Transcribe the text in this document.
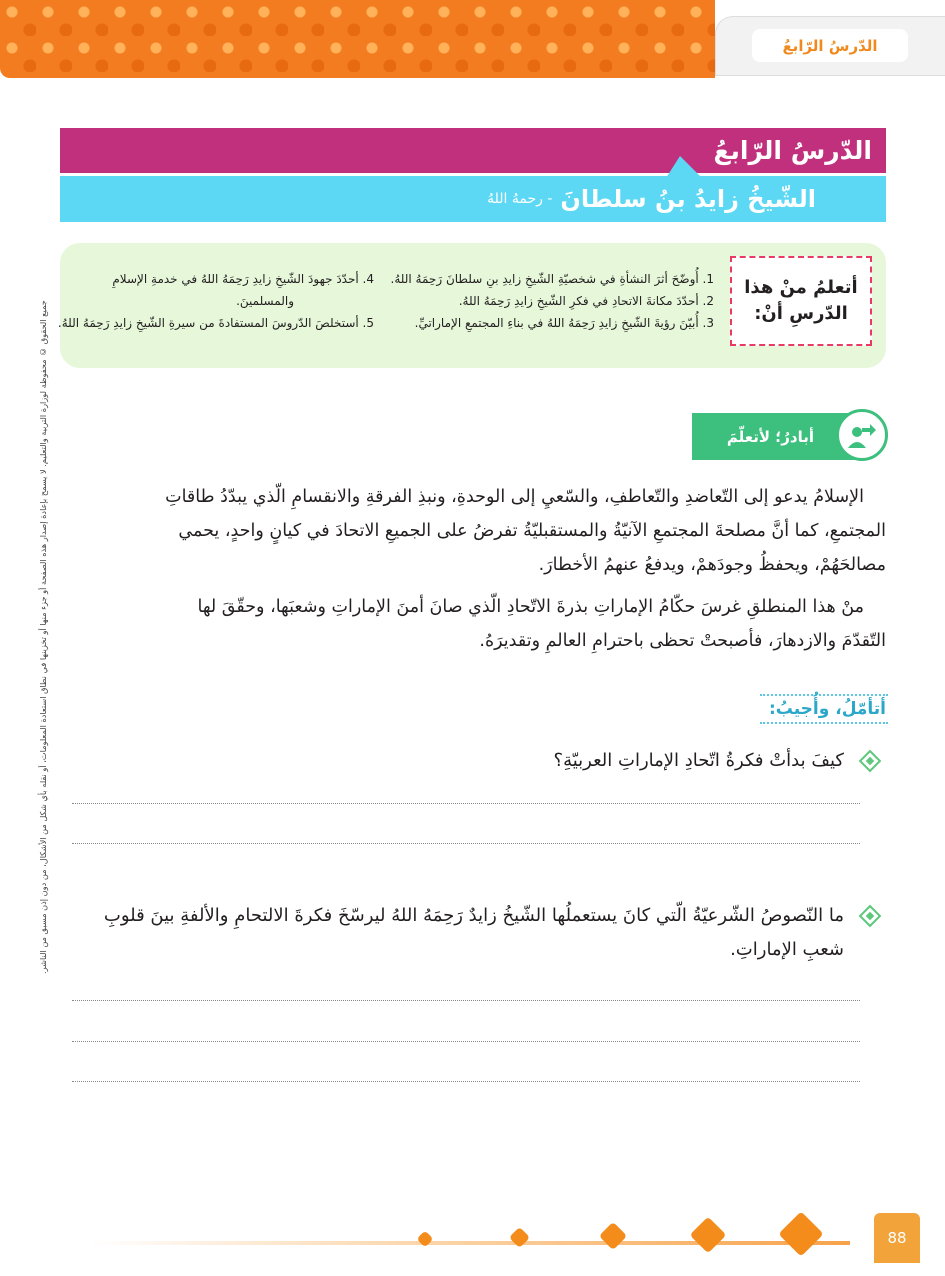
الدّرسُ الرّابعُ
الدّرسُ الرّابعُ
الشّيخُ زايدُ بنُ سلطانَ
- رحمهُ اللهُ
أتعلمُ منْ هذا الدّرسِ أنْ:
1. أُوضّحَ أثرَ النشأةِ في شخصيّةِ الشّيخِ زايدِ بنِ سلطانَ رَحِمَهُ اللهُ.
2. أحدّدَ مكانةَ الاتحادِ في فكرِ الشّيخِ زايدِ رَحِمَهُ اللهُ.
3. أُبيّنَ رؤيةَ الشّيخِ زايدِ رَحِمَهُ اللهُ في بناءِ المجتمعِ الإماراتيِّ.
4. أحدّدَ جهودَ الشّيخِ زايدِ رَحِمَهُ اللهُ في خدمةِ الإسلامِ
والمسلمينَ.
5. أستخلصَ الدّروسَ المستفادةَ من سيرةِ الشّيخِ زايدِ رَحِمَهُ اللهُ.
جميع الحقوق © محفوظة لوزارة التربية والتعليم. لا يسمح بإعادة إصدار هذه الصفحة أو جزء منها أو تخزينها في نطاق استعادة المعلومات، أو نقله بأي شكل من الأشكال، من دون إذن مسبق من الناشر.	أبادرُ؛ لأتعلّمَ
الإسلامُ يدعو إلى التّعاضدِ والتّعاطفِ، والسّعيِ إلى الوحدةِ، ونبذِ الفرقةِ والانقسامِ الّذي يبدّدُ طاقاتِ
المجتمعِ، كما أنَّ مصلحةَ المجتمعِ الآنيّةُ والمستقبليّةُ تفرضُ على الجميعِ الاتحادَ في كيانٍ واحدٍ، يحمي
مصالحَهُمْ، ويحفظُ وجودَهمْ، ويدفعُ عنهمُ الأخطارَ.
منْ هذا المنطلقِ غرسَ حكّامُ الإماراتِ بذرةَ الاتّحادِ الّذي صانَ أمنَ الإماراتِ وشعبَها، وحقّقَ لها
التّقدّمَ والازدهارَ، فأصبحتْ تحظى باحترامِ العالمِ وتقديرَهُ.
أتأمّلُ، وأُجيبُ:
كيفَ بدأتْ فكرةُ اتّحادِ الإماراتِ العربيّةِ؟
ما النّصوصُ الشّرعيّةُ الّتي كانَ يستعملُها الشّيخُ زايدٌ رَحِمَهُ اللهُ ليرسّخَ فكرةَ الالتحامِ والألفةِ بينَ قلوبِ
شعبِ الإماراتِ.
88
